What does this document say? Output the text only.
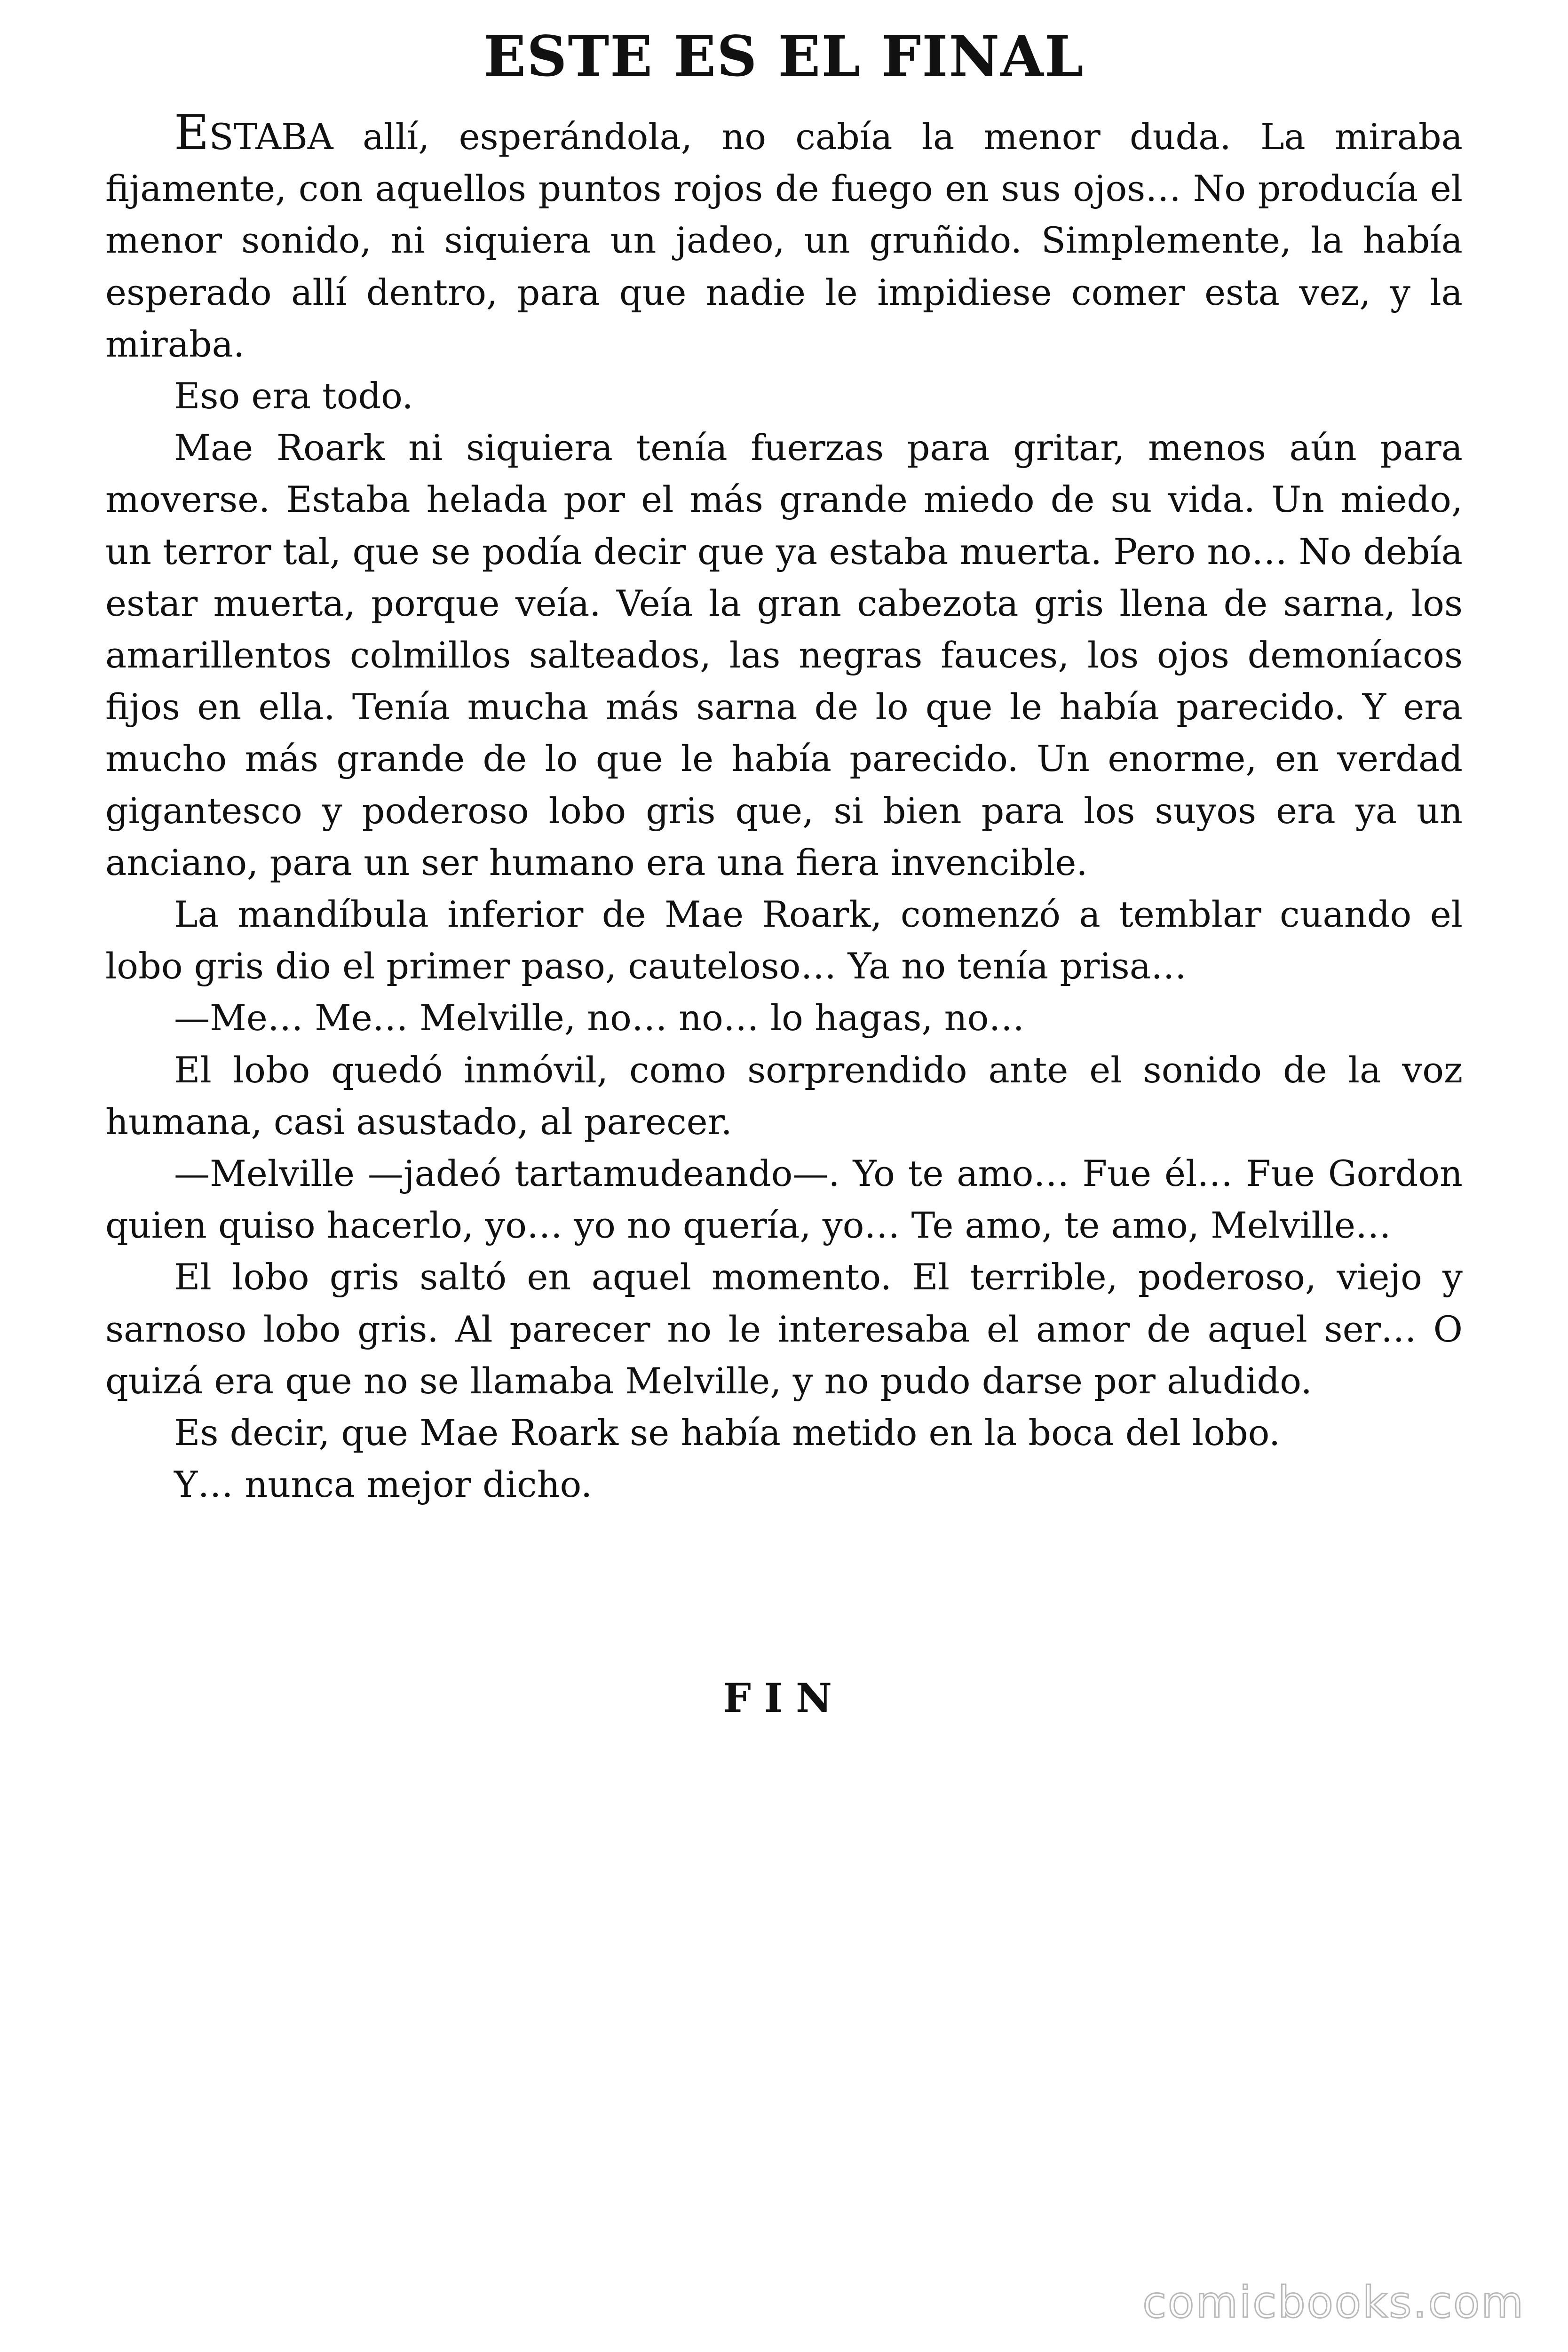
ESTE ES EL FINAL

ESTABA allí, esperándola, no cabía la menor duda. La miraba fijamente, con aquellos puntos rojos de fuego en sus ojos… No producía el menor sonido, ni siquiera un jadeo, un gruñido. Simplemente, la había esperado allí dentro, para que nadie le impidiese comer esta vez, y la miraba.

Eso era todo.

Mae Roark ni siquiera tenía fuerzas para gritar, menos aún para moverse. Estaba helada por el más grande miedo de su vida. Un miedo, un terror tal, que se podía decir que ya estaba muerta. Pero no… No debía estar muerta, porque veía. Veía la gran cabezota gris llena de sarna, los amarillentos colmillos salteados, las negras fauces, los ojos demoníacos fijos en ella. Tenía mucha más sarna de lo que le había parecido. Y era mucho más grande de lo que le había parecido. Un enorme, en verdad gigantesco y poderoso lobo gris que, si bien para los suyos era ya un anciano, para un ser humano era una fiera invencible.

La mandíbula inferior de Mae Roark, comenzó a temblar cuando el lobo gris dio el primer paso, cauteloso… Ya no tenía prisa…

—Me… Me… Melville, no… no… lo hagas, no…

El lobo quedó inmóvil, como sorprendido ante el sonido de la voz humana, casi asustado, al parecer.

—Melville —jadeó tartamudeando—. Yo te amo… Fue él… Fue Gordon quien quiso hacerlo, yo… yo no quería, yo… Te amo, te amo, Melville…

El lobo gris saltó en aquel momento. El terrible, poderoso, viejo y sarnoso lobo gris. Al parecer no le interesaba el amor de aquel ser… O quizá era que no se llamaba Melville, y no pudo darse por aludido.

Es decir, que Mae Roark se había metido en la boca del lobo.

Y… nunca mejor dicho.

FIN
comicbooks.com
